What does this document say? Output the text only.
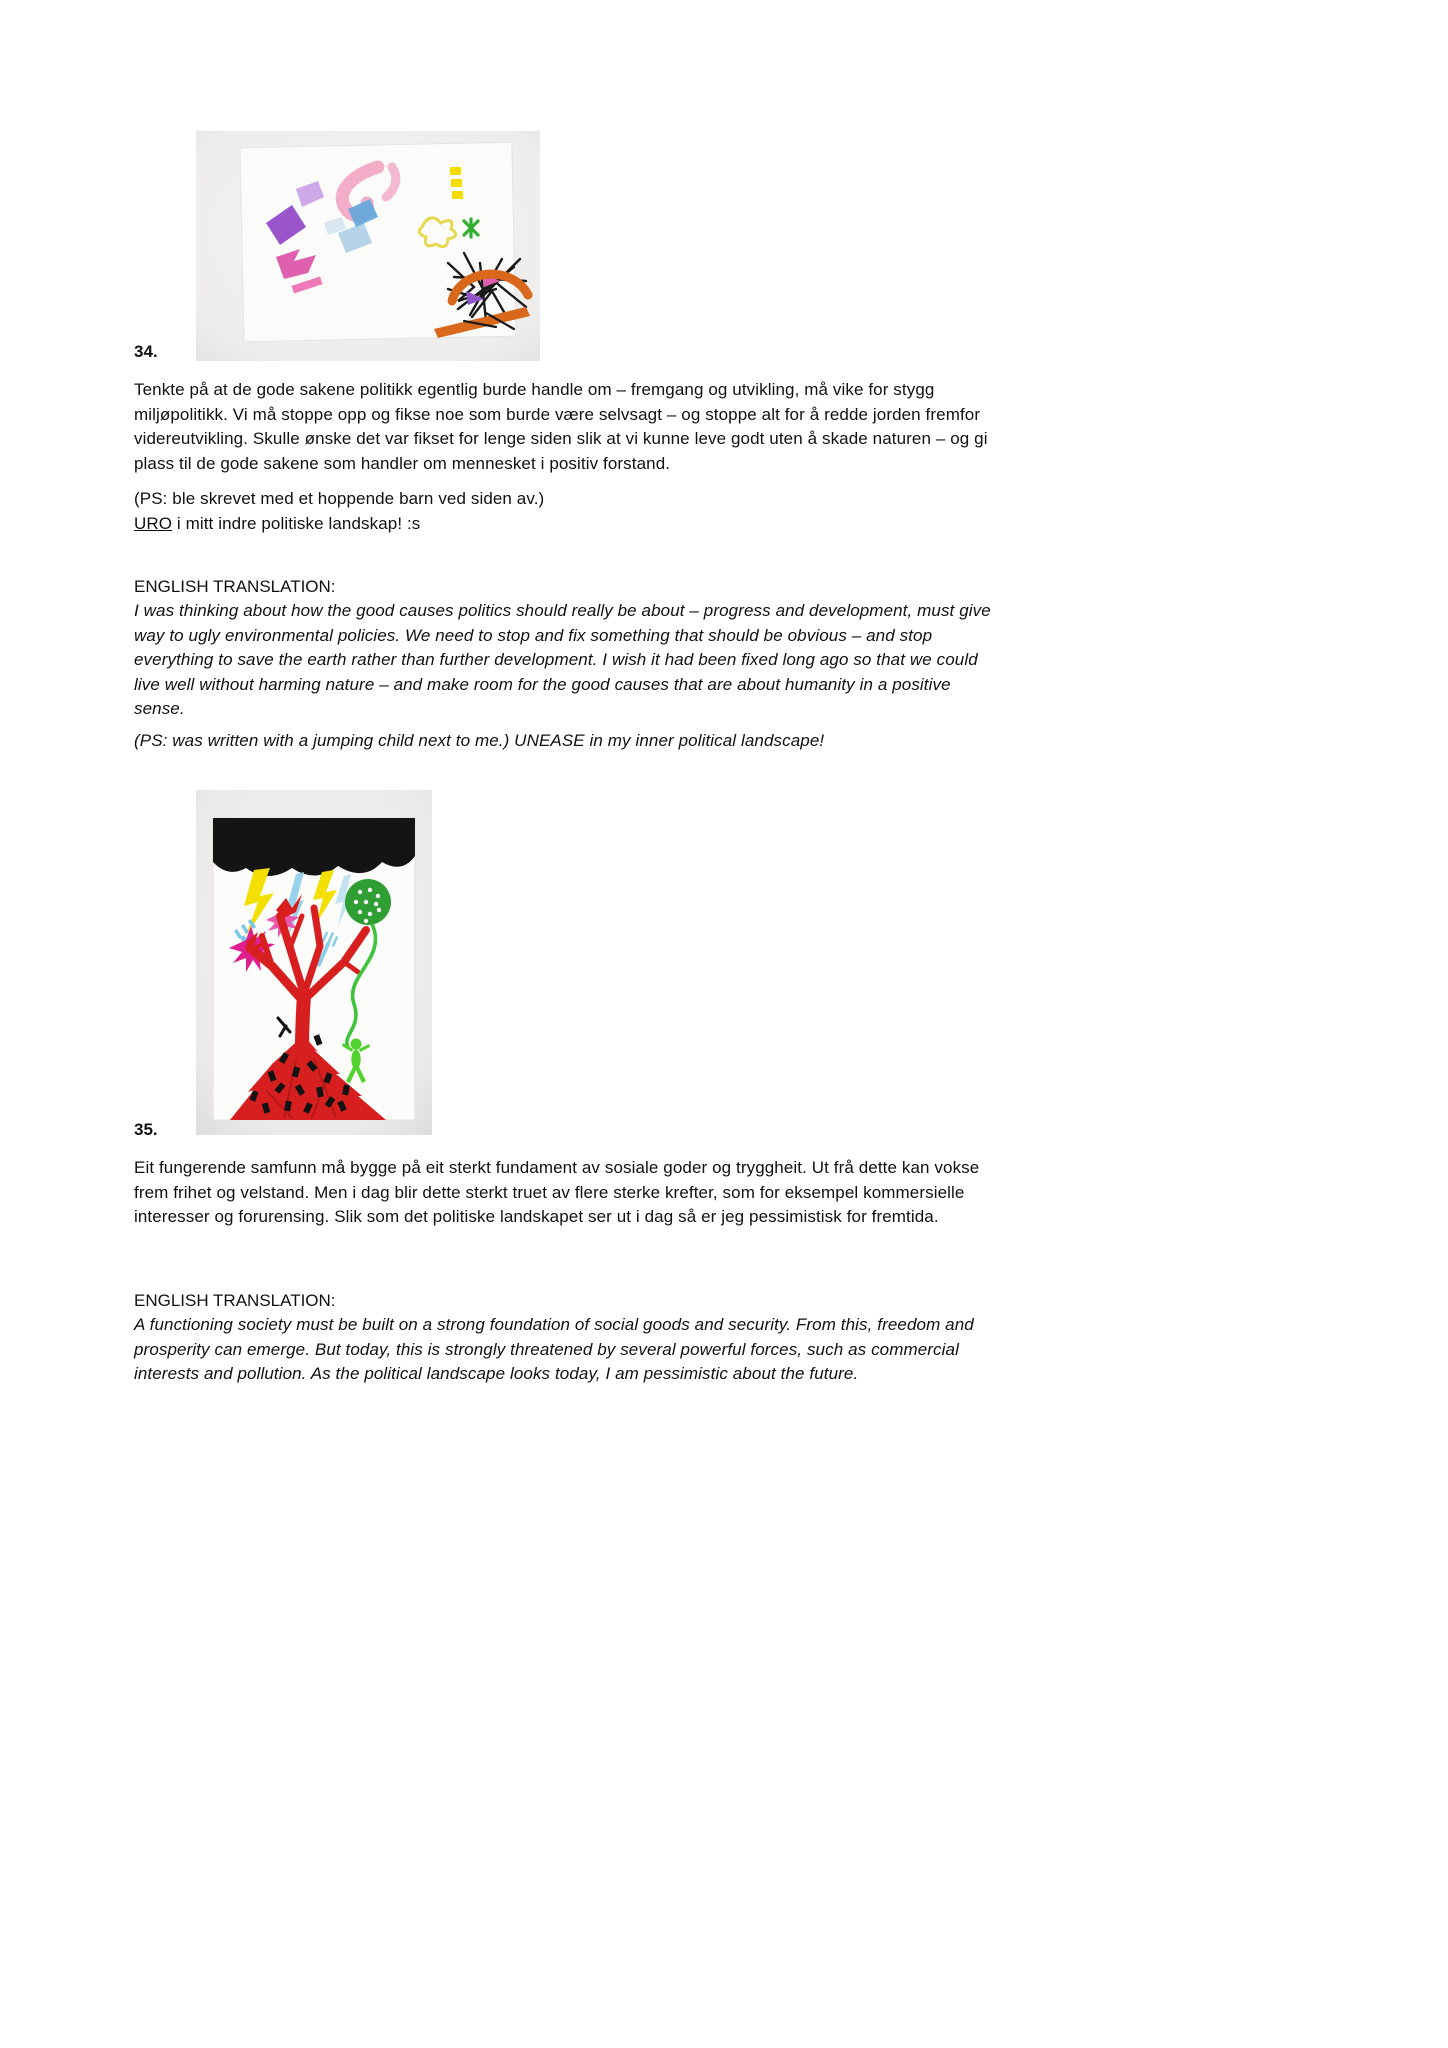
34.

Tenkte på at de gode sakene politikk egentlig burde handle om – fremgang og utvikling, må vike for stygg miljøpolitikk. Vi må stoppe opp og fikse noe som burde være selvsagt – og stoppe alt for å redde jorden fremfor videreutvikling. Skulle ønske det var fikset for lenge siden slik at vi kunne leve godt uten å skade naturen – og gi plass til de gode sakene som handler om mennesket i positiv forstand.

(PS: ble skrevet med et hoppende barn ved siden av.)
URO i mitt indre politiske landskap! :s

ENGLISH TRANSLATION:

I was thinking about how the good causes politics should really be about – progress and development, must give way to ugly environmental policies. We need to stop and fix something that should be obvious – and stop everything to save the earth rather than further development. I wish it had been fixed long ago so that we could live well without harming nature – and make room for the good causes that are about humanity in a positive sense.

(PS: was written with a jumping child next to me.) UNEASE in my inner political landscape!

35.

Eit fungerende samfunn må bygge på eit sterkt fundament av sosiale goder og tryggheit. Ut frå dette kan vokse frem frihet og velstand. Men i dag blir dette sterkt truet av flere sterke krefter, som for eksempel kommersielle interesser og forurensing. Slik som det politiske landskapet ser ut i dag så er jeg pessimistisk for fremtida.

ENGLISH TRANSLATION:

A functioning society must be built on a strong foundation of social goods and security. From this, freedom and prosperity can emerge. But today, this is strongly threatened by several powerful forces, such as commercial interests and pollution. As the political landscape looks today, I am pessimistic about the future.
